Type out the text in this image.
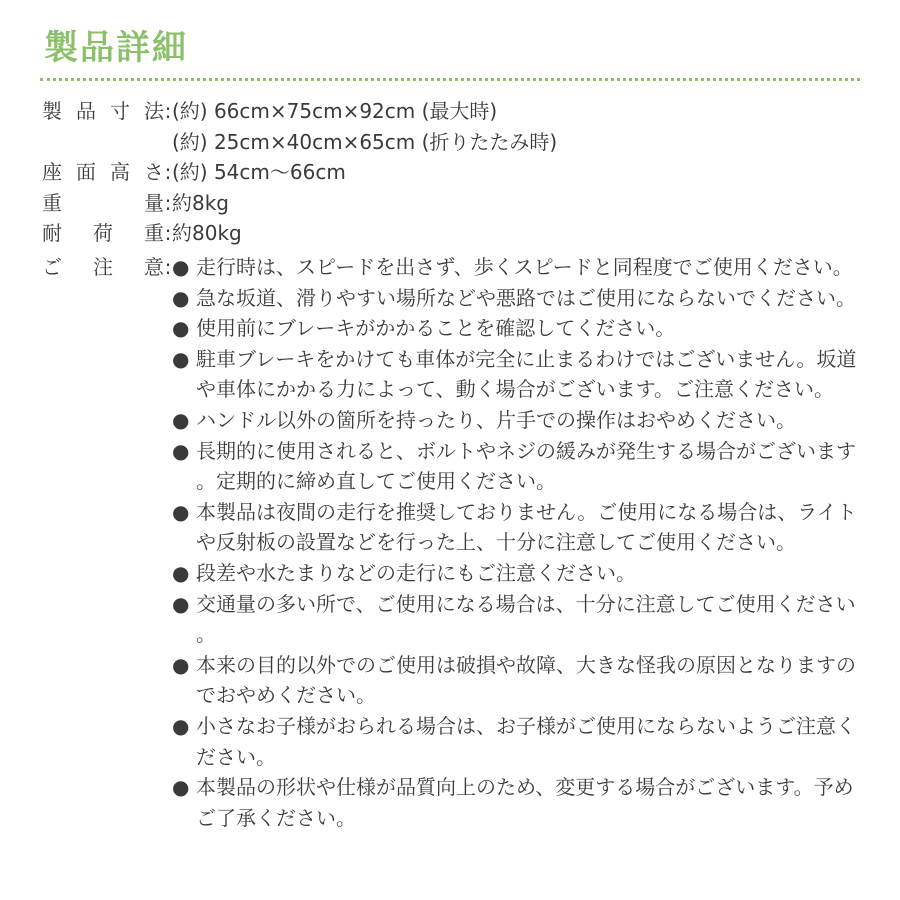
製品詳細
製 品 寸 法 : (約) 66cm×75cm×92cm (最大時)
(約) 25cm×40cm×65cm (折りたたみ時)
座 面 高 さ : (約) 54cm〜66cm
重	量 : 約8kg
耐 荷 重 : 約80kg
ご 注 意 : ● 走行時は、スピードを出さず、歩くスピードと同程度でご使用ください。
● 急な坂道、滑りやすい場所などや悪路ではご使用にならないでください。
● 使用前にブレーキがかかることを確認してください。
● 駐車ブレーキをかけても車体が完全に止まるわけではございません。坂道や車体にかかる力によって、動く場合がございます。ご注意ください。
● ハンドル以外の箇所を持ったり、片手での操作はおやめください。
● 長期的に使用されると、ボルトやネジの緩みが発生する場合がございます。定期的に締め直してご使用ください。
● 本製品は夜間の走行を推奨しておりません。ご使用になる場合は、ライトや反射板の設置などを行った上、十分に注意してご使用ください。
● 段差や水たまりなどの走行にもご注意ください。
● 交通量の多い所で、ご使用になる場合は、十分に注意してご使用ください。
● 本来の目的以外でのご使用は破損や故障、大きな怪我の原因となりますのでおやめください。
● 小さなお子様がおられる場合は、お子様がご使用にならないようご注意ください。
● 本製品の形状や仕様が品質向上のため、変更する場合がございます。予めご了承ください。
